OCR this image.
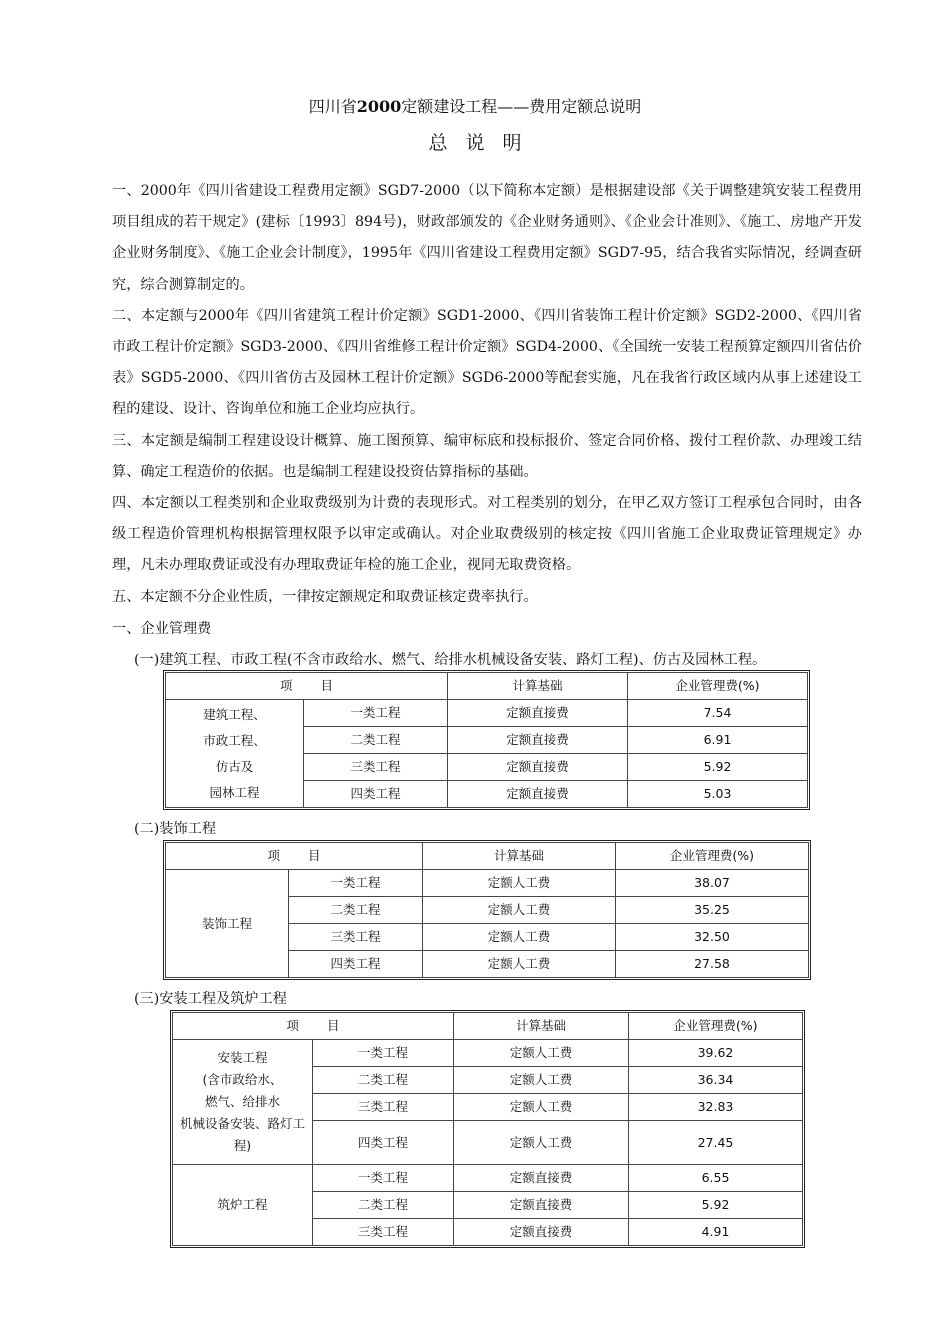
四川省2000定额建设工程——费用定额总说明
总说明

一、2000年《四川省建设工程费用定额》SGD7-2000（以下简称本定额）是根据建设部《关于调整建筑安装工程费用项目组成的若干规定》(建标〔1993〕894号)，财政部颁发的《企业财务通则》、《企业会计准则》、《施工、房地产开发企业财务制度》、《施工企业会计制度》，1995年《四川省建设工程费用定额》SGD7-95，结合我省实际情况，经调查研究，综合测算制定的。

二、本定额与2000年《四川省建筑工程计价定额》SGD1-2000、《四川省装饰工程计价定额》SGD2-2000、《四川省市政工程计价定额》SGD3-2000、《四川省维修工程计价定额》SGD4-2000、《全国统一安装工程预算定额四川省估价表》SGD5-2000、《四川省仿古及园林工程计价定额》SGD6-2000等配套实施，凡在我省行政区域内从事上述建设工程的建设、设计、咨询单位和施工企业均应执行。

三、本定额是编制工程建设设计概算、施工图预算、编审标底和投标报价、签定合同价格、拨付工程价款、办理竣工结算、确定工程造价的依据。也是编制工程建设投资估算指标的基础。

四、本定额以工程类别和企业取费级别为计费的表现形式。对工程类别的划分，在甲乙双方签订工程承包合同时，由各级工程造价管理机构根据管理权限予以审定或确认。对企业取费级别的核定按《四川省施工企业取费证管理规定》办理，凡未办理取费证或没有办理取费证年检的施工企业，视同无取费资格。

五、本定额不分企业性质，一律按定额规定和取费证核定费率执行。

一、企业管理费
(一)建筑工程、市政工程(不含市政给水、燃气、给排水机械设备安装、路灯工程)、仿古及园林工程。
项 目		计算基础	企业管理费(%)
建筑工程、
市政工程、
仿古及
园林工程	一类工程	定额直接费	7.54
	二类工程	定额直接费	6.91
	三类工程	定额直接费	5.92
	四类工程	定额直接费	5.03
(二)装饰工程
项 目		计算基础	企业管理费(%)
装饰工程	一类工程	定额人工费	38.07
	二类工程	定额人工费	35.25
	三类工程	定额人工费	32.50
	四类工程	定额人工费	27.58
(三)安装工程及筑炉工程
项 目		计算基础	企业管理费(%)
安装工程
(含市政给水、
燃气、给排水
机械设备安装、路灯工
程)	一类工程	定额人工费	39.62
	二类工程	定额人工费	36.34
	三类工程	定额人工费	32.83
	四类工程	定额人工费	27.45
筑炉工程	一类工程	定额直接费	6.55
	二类工程	定额直接费	5.92
	三类工程	定额直接费	4.91
